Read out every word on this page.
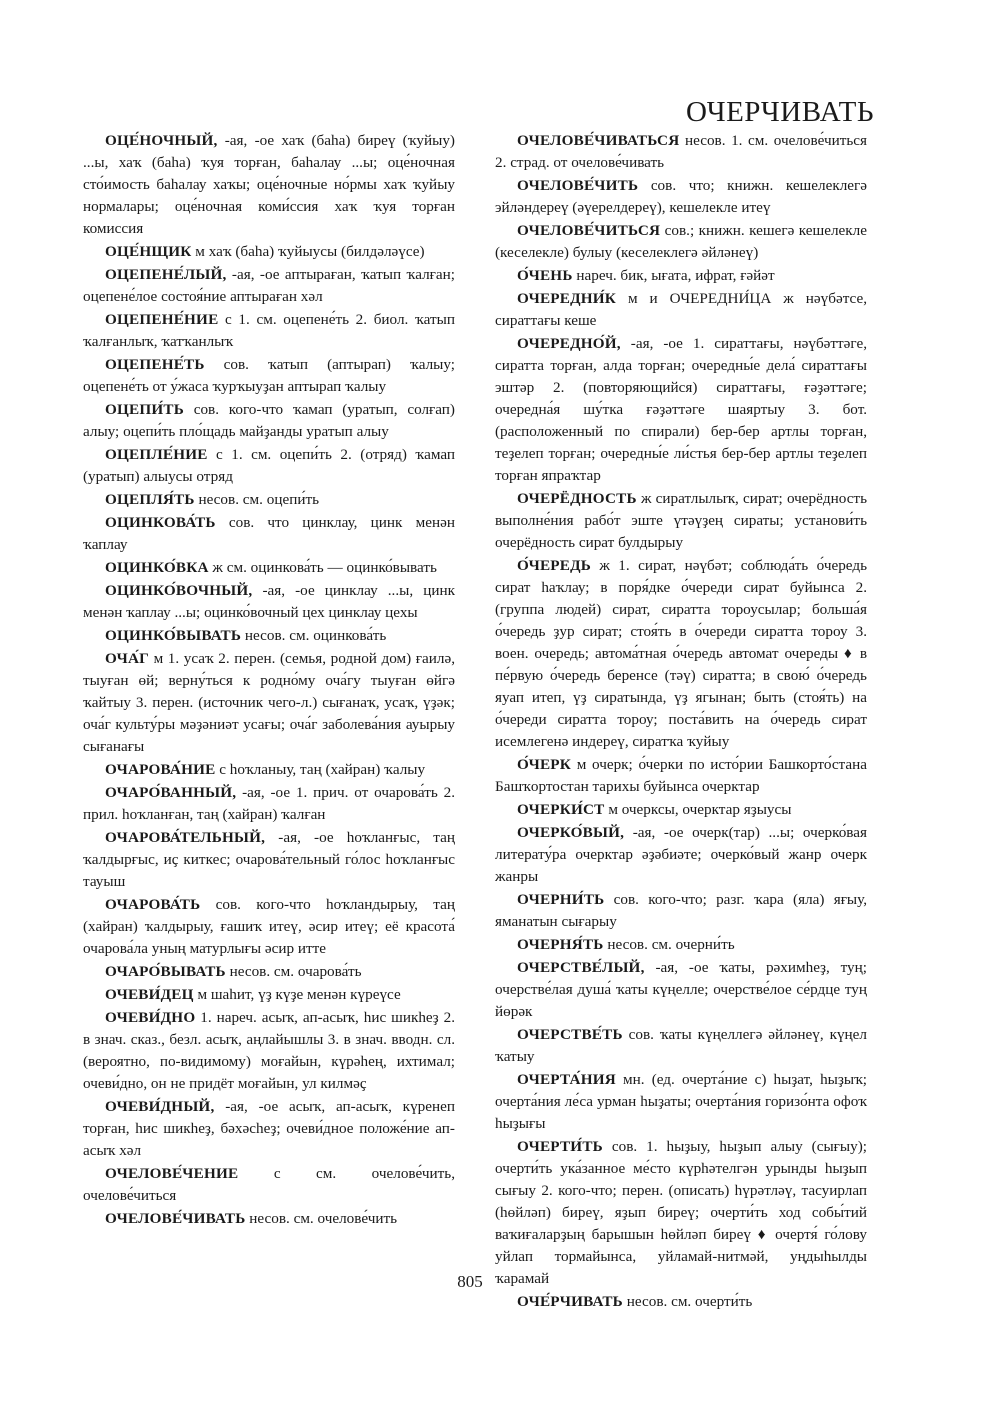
ОЧЕРЧИВАТЬ

ОЦЕ́НОЧНЫЙ, -ая, -ое хаҡ (баһа) биреү (ҡуйыу) ...ы, хаҡ (баһа) ҡуя торған, баһалау ...ы; оце́ночная сто́имость баһалау хаҡы; оце́ночные но́рмы хаҡ ҡуйыу нормалары; оце́ночная коми́ссия хаҡ ҡуя торған комиссия

ОЦЕ́НЩИК м хаҡ (баһа) ҡуйыусы (билдәләүсе)

ОЦЕПЕНЕ́ЛЫЙ, -ая, -ое аптыраған, ҡатып ҡалған; оцепене́лое состоя́ние аптыраған хәл

ОЦЕПЕНЕ́НИЕ с 1. см. оцепене́ть 2. биол. ҡатып ҡалғанлыҡ, ҡатҡанлыҡ

ОЦЕПЕНЕ́ТЬ сов. ҡатып (аптырап) ҡалыу; оцепене́ть от у́жаса ҡурҡыуҙан аптырап ҡалыу

ОЦЕПИ́ТЬ сов. кого-что ҡамап (уратып, солғап) алыу; оцепи́ть пло́щадь майҙанды уратып алыу

ОЦЕПЛЕ́НИЕ с 1. см. оцепи́ть 2. (отряд) ҡамап (уратып) алыусы отряд

ОЦЕПЛЯ́ТЬ несов. см. оцепи́ть

ОЦИНКОВА́ТЬ сов. что цинклау, цинк менән ҡаплау

ОЦИНКО́ВКА ж см. оцинкова́ть — оцинко́вывать

ОЦИНКО́ВОЧНЫЙ, -ая, -ое цинклау ...ы, цинк менән ҡаплау ...ы; оцинко́вочный цех цинклау цехы

ОЦИНКО́ВЫВАТЬ несов. см. оцинкова́ть

ОЧА́Г м 1. усаҡ 2. перен. (семья, родной дом) ғаилә, тыуған өй; верну́ться к родно́му оча́гу тыуған өйгә ҡайтыу 3. перен. (источник чего-л.) сығанаҡ, усаҡ, үҙәк; оча́г культу́ры мәҙәниәт усағы; оча́г заболева́ния ауырыу сығанағы

ОЧАРОВА́НИЕ с һоҡланыу, таң (хайран) ҡалыу

ОЧАРО́ВАННЫЙ, -ая, -ое 1. прич. от очарова́ть 2. прил. һоҡланған, таң (хайран) ҡалған

ОЧАРОВА́ТЕЛЬНЫЙ, -ая, -ое һоҡланғыс, таң ҡалдырғыс, иҫ киткес; очарова́тельный го́лос һоҡланғыс тауыш

ОЧАРОВА́ТЬ сов. кого-что һоҡландырыу, таң (хайран) ҡалдырыу, ғашиҡ итеү, әсир итеү; её красота́ очарова́ла уның матурлығы әсир итте

ОЧАРО́ВЫВАТЬ несов. см. очарова́ть

ОЧЕВИ́ДЕЦ м шаһит, үҙ күҙе менән күреүсе

ОЧЕВИ́ДНО 1. нареч. асыҡ, ап-асыҡ, һис шикһеҙ 2. в знач. сказ., безл. асыҡ, аңлайышлы 3. в знач. вводн. сл. (вероятно, по-видимому) моғайын, күрәһең, ихтимал; очеви́дно, он не придёт моғайын, ул килмәҫ

ОЧЕВИ́ДНЫЙ, -ая, -ое асыҡ, ап-асыҡ, күренеп торған, һис шикһеҙ, бәхәсһеҙ; очеви́дное положе́ние ап-асыҡ хәл

ОЧЕЛОВЕ́ЧЕНИЕ с см. очелове́чить, очелове́читься

ОЧЕЛОВЕ́ЧИВАТЬ несов. см. очелове́чить

ОЧЕЛОВЕ́ЧИВАТЬСЯ несов. 1. см. очелове́читься 2. страд. от очелове́чивать

ОЧЕЛОВЕ́ЧИТЬ сов. что; книжн. кешелеклегә эйләндереү (әүерелдереү), кешелекле итеү

ОЧЕЛОВЕ́ЧИТЬСЯ сов.; книжн. кешегә кешелекле (кеселекле) булыу (кеселеклегә әйләнеү)

О́ЧЕНЬ нареч. бик, ығата, ифрат, ғәйәт

ОЧЕРЕДНИ́К м и ОЧЕРЕДНИ́ЦА ж нәүбәтсе, сираттағы кеше

ОЧЕРЕДНО́Й, -ая, -ое 1. сираттағы, нәүбәттәге, сиратта торған, алда торған; очередны́е дела́ сираттағы эштәр 2. (повторяющийся) сираттағы, ғәҙәттәге; очередна́я шу́тка ғәҙәттәге шаяртыу 3. бот. (расположенный по спирали) бер-бер артлы торған, теҙелеп торған; очередны́е ли́стья бер-бер артлы теҙелеп торған япраҡтар

ОЧЕРЁДНОСТЬ ж сиратлылыҡ, сират; очерёдность выполне́ния рабо́т эште үтәүҙең сираты; установи́ть очерёдность сират булдырыу

О́ЧЕРЕДЬ ж 1. сират, нәүбәт; соблюда́ть о́чередь сират һаҡлау; в поря́дке о́череди сират буйынса 2. (группа людей) сират, сиратта тороусылар; больша́я о́чередь ҙур сират; стоя́ть в о́череди сиратта тороу 3. воен. очередь; автома́тная о́чередь автомат очереды ♦ в пе́рвую о́чередь беренсе (тәү) сиратта; в свою́ о́чередь яуап итеп, үҙ сиратында, үҙ ягынан; быть (стоя́ть) на о́череди сиратта тороу; поста́вить на о́чередь сират исемлегенә индереү, сиратҡа ҡуйыу

О́ЧЕРК м очерк; о́черки по исто́рии Башкорто́стана Башҡортостан тарихы буйынса очерктар

ОЧЕРКИ́СТ м очерксы, очерктар яҙыусы

ОЧЕРКО́ВЫЙ, -ая, -ое очерк(тар) ...ы; очерко́вая литерату́ра очерктар әҙәбиәте; очерко́вый жанр очерк жанры

ОЧЕРНИ́ТЬ сов. кого-что; разг. ҡара (яла) яғыу, яманатын сығарыу

ОЧЕРНЯ́ТЬ несов. см. очерни́ть

ОЧЕРСТВЕ́ЛЫЙ, -ая, -ое ҡаты, рәхимһеҙ, туң; очерстве́лая душа́ ҡаты күңелле; очерстве́лое се́рдце туң йөрәк

ОЧЕРСТВЕ́ТЬ сов. ҡаты күңеллегә әйләнеү, күңел ҡатыу

ОЧЕРТА́НИЯ мн. (ед. очерта́ние с) һыҙат, һыҙыҡ; очерта́ния ле́са урман һыҙаты; очерта́ния горизо́нта офоҡ һыҙығы

ОЧЕРТИ́ТЬ сов. 1. һыҙыу, һыҙып алыу (сығыу); очерти́ть ука́занное ме́сто күрһәтелгән урынды һыҙып сығыу 2. кого-что; перен. (описать) һүрәтләү, тасуирлап (һөйләп) биреү, яҙып биреү; очерти́ть ход собы́тий ваҡиғаларҙың барышын һөйләп биреү ♦ очертя́ го́лову уйлап тормайынса, уйламай-нитмәй, уңдыһылды ҡарамай

ОЧЕ́РЧИВАТЬ несов. см. очерти́ть

805
